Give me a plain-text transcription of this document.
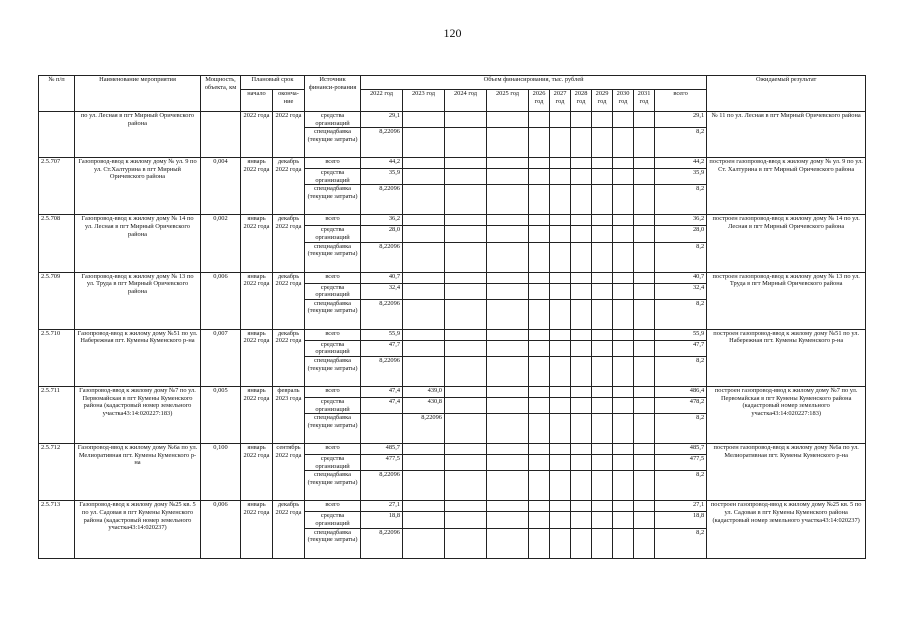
120
№ п/п	Наименование мероприятия	Мощность, объекта, км	Плановый срок		Источник финанси-рования	Объем финансирования, тыс. рублей											Ожидаемый результат
			начало	оконча-ние		2022 год	2023 год	2024 год	2025 год	2026 год	2027 год	2028 год	2029 год	2030 год	2031 год	всего	
	по ул. Лесная в пгт Мирный Оричевского района		2022 года	2022 года	средства организаций	29,1										29,1	№ 11 по ул. Лесная в пгт Мирный Оричевского района
					спецнадбавка (текущие затраты)	8,22096										8,2	
2.5.707	Газопровод-ввод к жилому дому № ул. 9 по ул. Ст.Халтурина в пгт Мирный Оричевского района	0,004	январь 2022 года	декабрь 2022 года	всего	44,2										44,2	построен газопровод-ввод к жилому дому № ул. 9 по ул. Ст. Халтурина в пгт Мирный Оричевского района
					средства организаций	35,9										35,9	
					спецнадбавка (текущие затраты)	8,22096										8,2	
2.5.708	Газопровод-ввод к жилому дому № 14 по ул. Лесная в пгт Мирный Оричевского района	0,002	январь 2022 года	декабрь 2022 года	всего	36,2										36,2	построен газопровод-ввод к жилому дому № 14 по ул. Лесная в пгт Мирный Оричевского района
					средства организаций	28,0										28,0	
					спецнадбавка (текущие затраты)	8,22096										8,2	
2.5.709	Газопровод-ввод к жилому дому № 13 по ул. Труда в пгт Мирный Оричевского района	0,006	январь 2022 года	декабрь 2022 года	всего	40,7										40,7	построен газопровод-ввод к жилому дому № 13 по ул. Труда в пгт Мирный Оричевского района
					средства организаций	32,4										32,4	
					спецнадбавка (текущие затраты)	8,22096										8,2	
2.5.710	Газопровод-ввод к жилому дому №51 по ул. Набережная пгт. Кумены Куменского р-на	0,007	январь 2022 года	декабрь 2022 года	всего	55,9										55,9	построен газопровод-ввод к жилому дому №51 по ул. Набережная пгт. Кумены Куменского р-на
					средства организаций	47,7										47,7	
					спецнадбавка (текущие затраты)	8,22096										8,2	
2.5.711	Газопровод-ввод к жилому дому №7 по ул. Первомайская в пгт Кумены Куменского района (кадастровый номер земельного участка43:14:020227:183)	0,005	январь 2022 года	февраль 2023 года	всего	47,4	439,0									486,4	построен газопровод-ввод к жилому дому №7 по ул. Первомайская в пгт Кумены Куменского района (кадастровый номер земельного участка43:14:020227:183)
					средства организаций	47,4	430,8									478,2	
					спецнадбавка (текущие затраты)		8,22096									8,2	
2.5.712	Газопровод-ввод к жилому дому №6а по ул. Мелиоративная пгт. Кумены Куменского р-на	0,100	январь 2022 года	сентябрь 2022 года	всего	485,7										485,7	построен газопровод-ввод к жилому дому №6а по ул. Мелиоративная пгт. Кумены Куменского р-на
					средства организаций	477,5										477,5	
					спецнадбавка (текущие затраты)	8,22096										8,2	
2.5.713	Газопровод-ввод к жилому дому №25 кв. 5 по ул. Садовая в пгт Кумены Куменского района (кадастровый номер земельного участка43:14:020237)	0,006	январь 2022 года	декабрь 2022 года	всего	27,1										27,1	построен газопровод-ввод к жилому дому №25 кв. 5 по ул. Садовая в пгт Кумены Куменского района (кадастровый номер земельного участка43:14:020237)
					средства организаций	18,8										18,8	
					спецнадбавка (текущие затраты)	8,22096										8,2	
